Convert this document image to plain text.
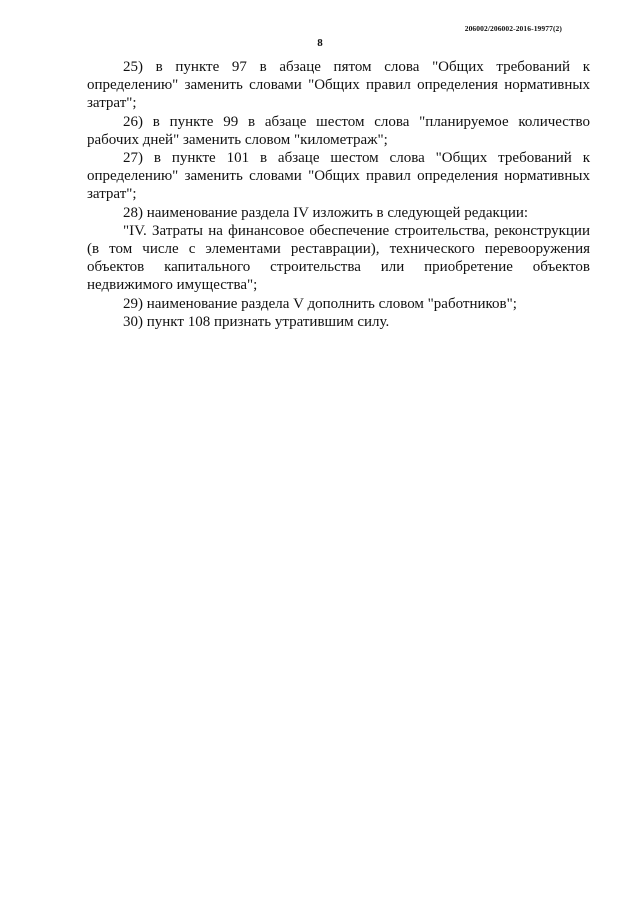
206002/206002-2016-19977(2)
8

25) в пункте 97 в абзаце пятом слова "Общих требований к определению" заменить словами "Общих правил определения нормативных затрат";

26) в пункте 99 в абзаце шестом слова "планируемое количество рабочих дней" заменить словом "километраж";

27) в пункте 101 в абзаце шестом слова "Общих требований к определению" заменить словами "Общих правил определения нормативных затрат";

28) наименование раздела IV изложить в следующей редакции:

"IV. Затраты на финансовое обеспечение строительства, реконструкции (в том числе с элементами реставрации), технического перевооружения объектов капитального строительства или приобретение объектов недвижимого имущества";

29) наименование раздела V дополнить словом "работников";

30) пункт 108 признать утратившим силу.
